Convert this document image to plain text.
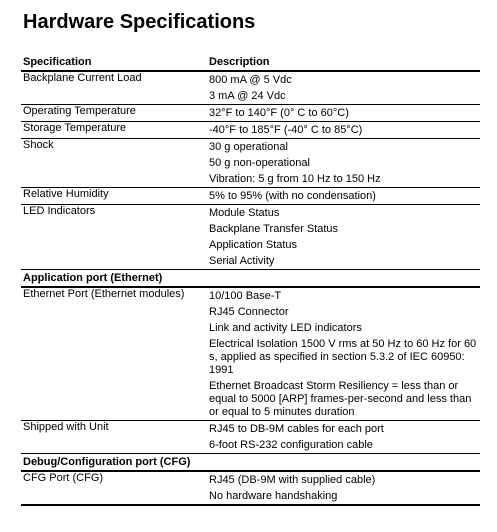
Hardware Specifications
Specification	Description
Backplane Current Load	800 mA @ 5 Vdc
3 mA @ 24 Vdc

Operating Temperature	32°F to 140°F (0° C to 60°C)

Storage Temperature	-40°F to 185°F (-40° C to 85°C)

Shock	30 g operational
50 g non-operational
Vibration: 5 g from 10 Hz to 150 Hz

Relative Humidity	5% to 95% (with no condensation)

LED Indicators	Module Status
Backplane Transfer Status
Application Status
Serial Activity

Application port (Ethernet)	
Ethernet Port (Ethernet modules)	10/100 Base-T
RJ45 Connector
Link and activity LED indicators
Electrical Isolation 1500 V rms at 50 Hz to 60 Hz for 60 s, applied as specified in section 5.3.2 of IEC 60950: 1991
Ethernet Broadcast Storm Resiliency = less than or equal to 5000 [ARP] frames-per-second and less than or equal to 5 minutes duration

Shipped with Unit	RJ45 to DB-9M cables for each port
6-foot RS-232 configuration cable

Debug/Configuration port (CFG)	
CFG Port (CFG)	RJ45 (DB-9M with supplied cable)
No hardware handshaking
